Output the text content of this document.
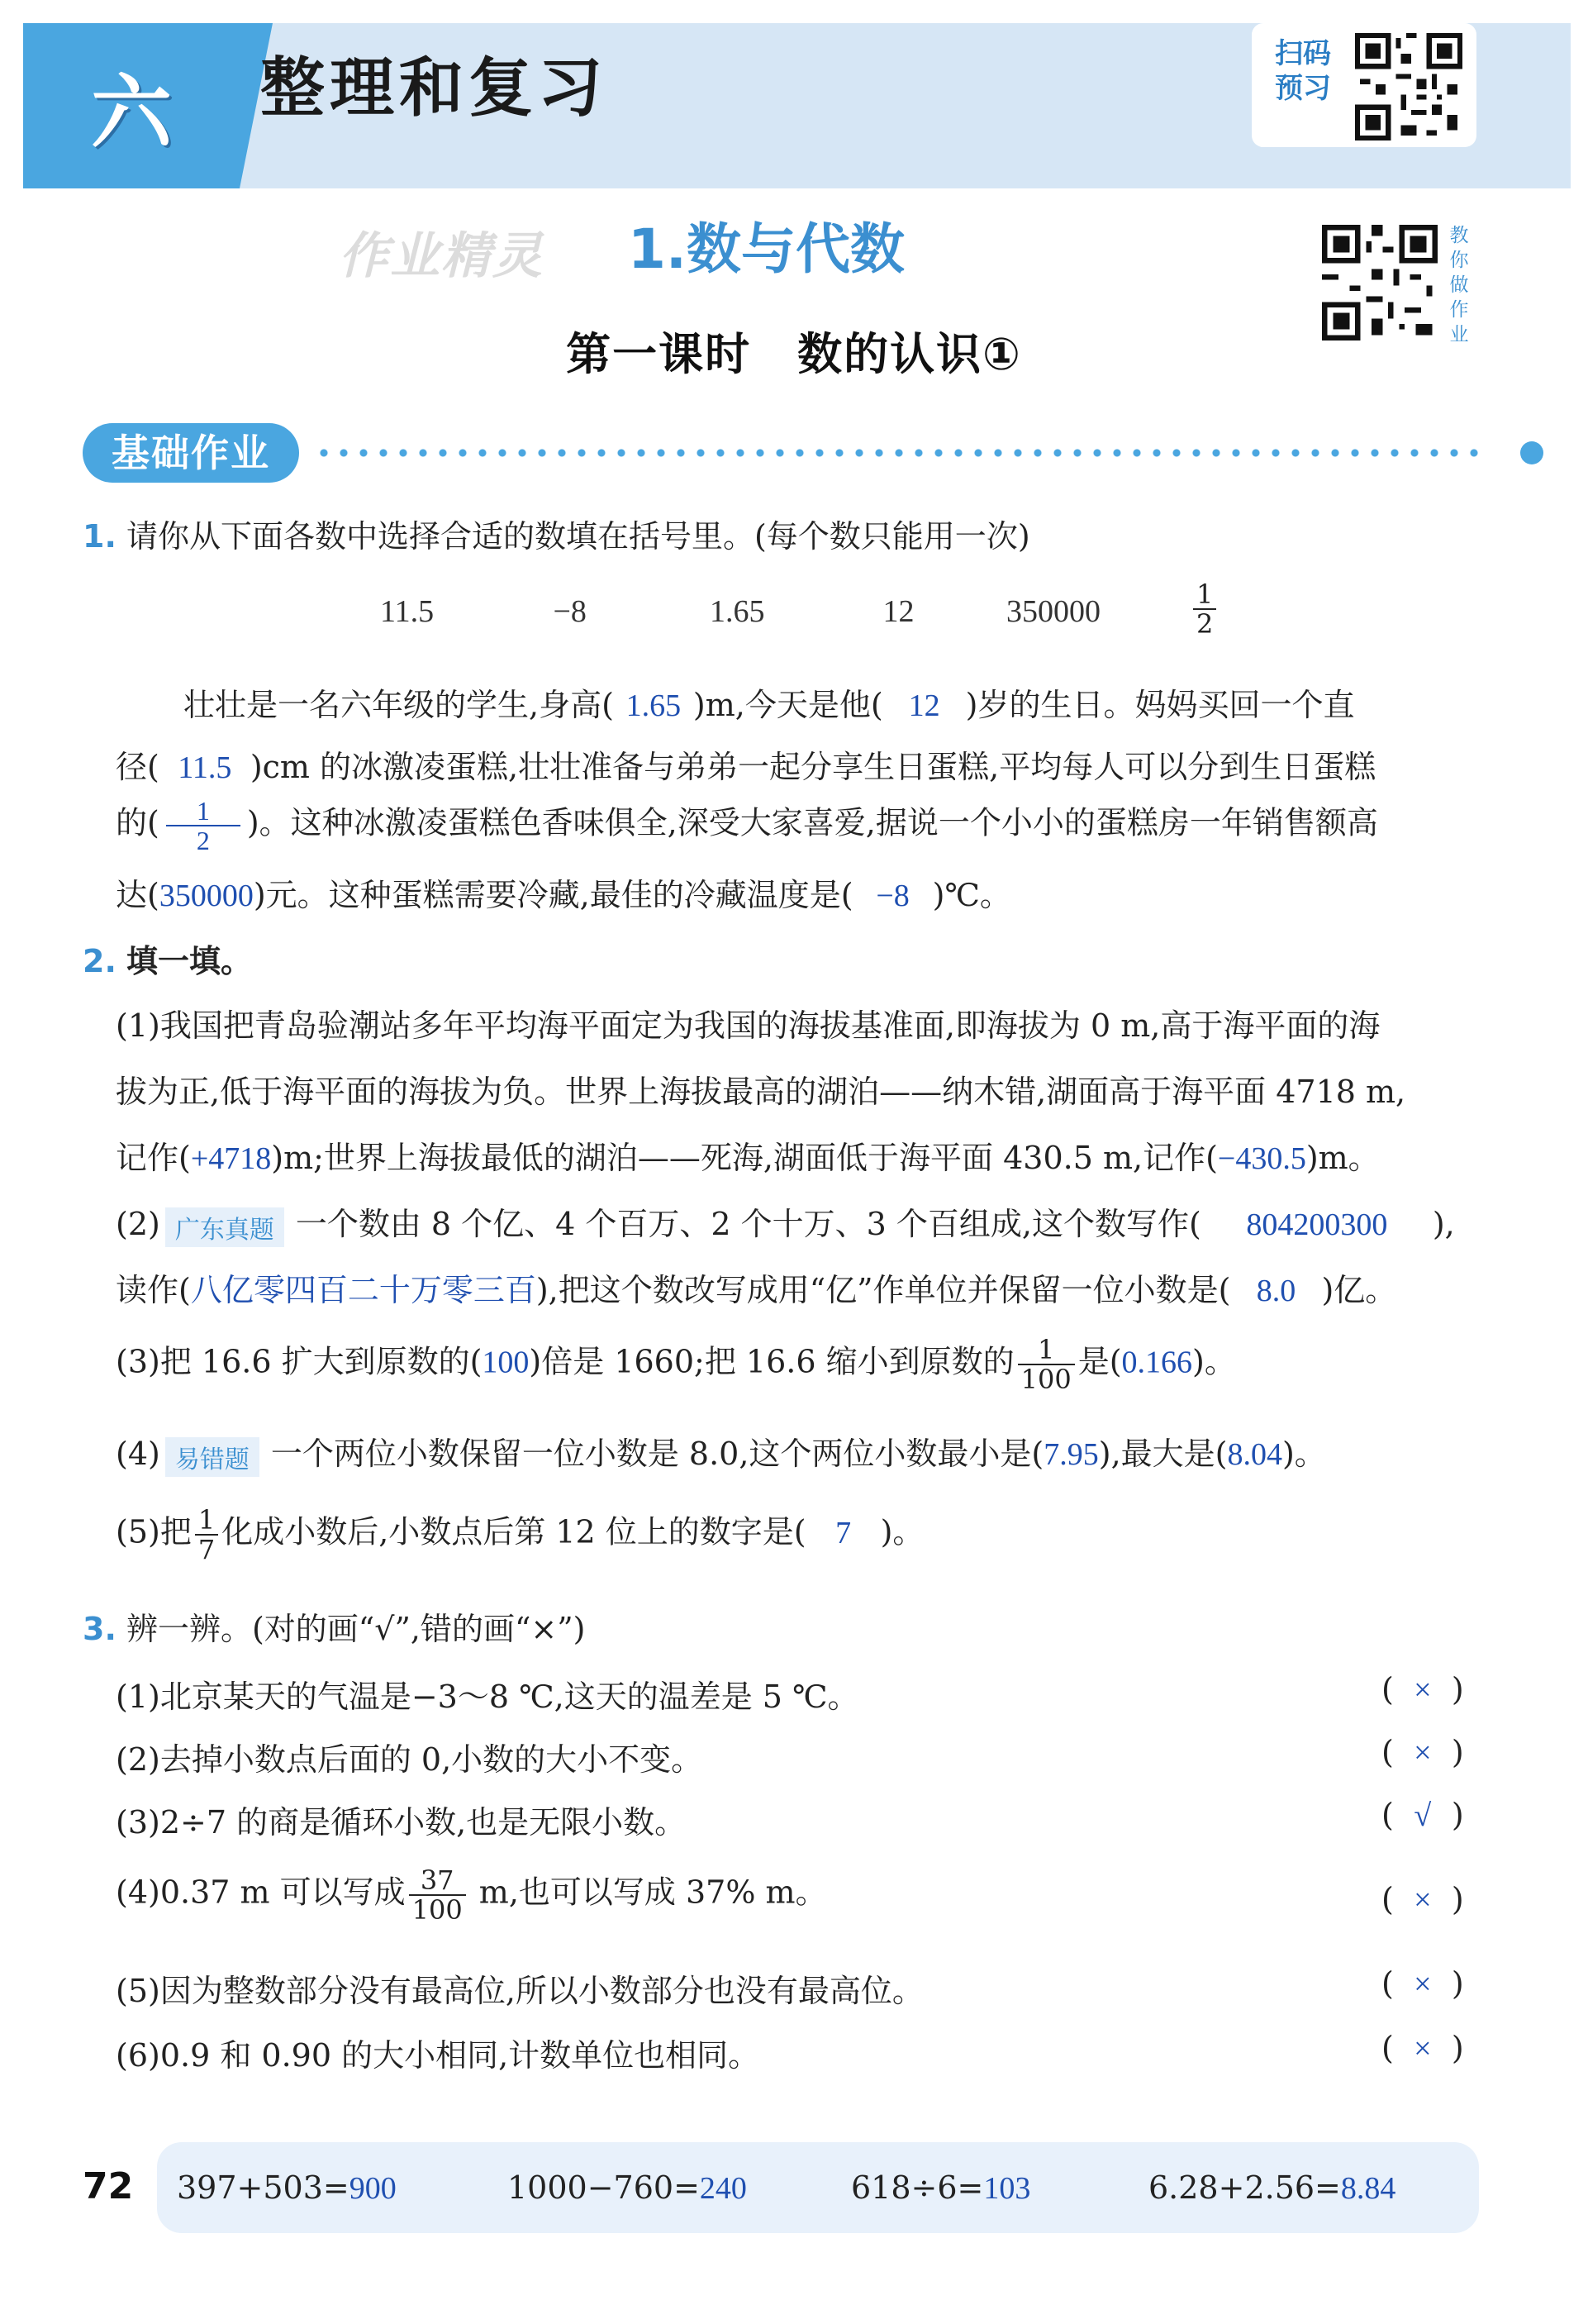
六	整理和复习	扫码
预习
作业精灵 1.数与代数
第一课时　数的认识①
教
你
做
作
业
基础作业
1. 请你从下面各数中选择合适的数填在括号里。(每个数只能用一次)
11.5	−8	1.65	12	350000	$\frac{1}{2}$
壮壮是一名六年级的学生,身高( 1.65 )m,今天是他( 12 )岁的生日。妈妈买回一个直
径( 11.5 )cm 的冰激凌蛋糕,壮壮准备与弟弟一起分享生日蛋糕,平均每人可以分到生日蛋糕
的( $\frac{1}{2}$ )。这种冰激凌蛋糕色香味俱全,深受大家喜爱,据说一个小小的蛋糕房一年销售额高
达(350000)元。这种蛋糕需要冷藏,最佳的冷藏温度是( −8 )℃。
2. 填一填。
(1)我国把青岛验潮站多年平均海平面定为我国的海拔基准面,即海拔为 0 m,高于海平面的海
拔为正,低于海平面的海拔为负。世界上海拔最高的湖泊——纳木错,湖面高于海平面 4718 m,
记作(+4718)m;世界上海拔最低的湖泊——死海,湖面低于海平面 430.5 m,记作(−430.5)m。
(2) 广东真题 一个数由 8 个亿、4 个百万、2 个十万、3 个百组成,这个数写作( 804200300 ),
读作(八亿零四百二十万零三百),把这个数改写成用“亿”作单位并保留一位小数是( 8.0 )亿。
(3)把 16.6 扩大到原数的(100)倍是 1660;把 16.6 缩小到原数的 $\frac{1}{100}$ 是(0.166)。
(4) 易错题 一个两位小数保留一位小数是 8.0,这个两位小数最小是(7.95),最大是(8.04)。
(5)把 $\frac{1}{7}$ 化成小数后,小数点后第 12 位上的数字是( 7 )。
3. 辨一辨。(对的画“√”,错的画“×”)
(1)北京某天的气温是−3～8 ℃,这天的温差是 5 ℃。	( × )
(2)去掉小数点后面的 0,小数的大小不变。	( × )
(3)2÷7 的商是循环小数,也是无限小数。	( √ )
(4)0.37 m 可以写成 $\frac{37}{100} m$,也可以写成 37% m。	( × )
(5)因为整数部分没有最高位,所以小数部分也没有最高位。	( × )
(6)0.9 和 0.90 的大小相同,计数单位也相同。	( × )
72 397+503=900	1000−760=240	618÷6=103	6.28+2.56=8.84
